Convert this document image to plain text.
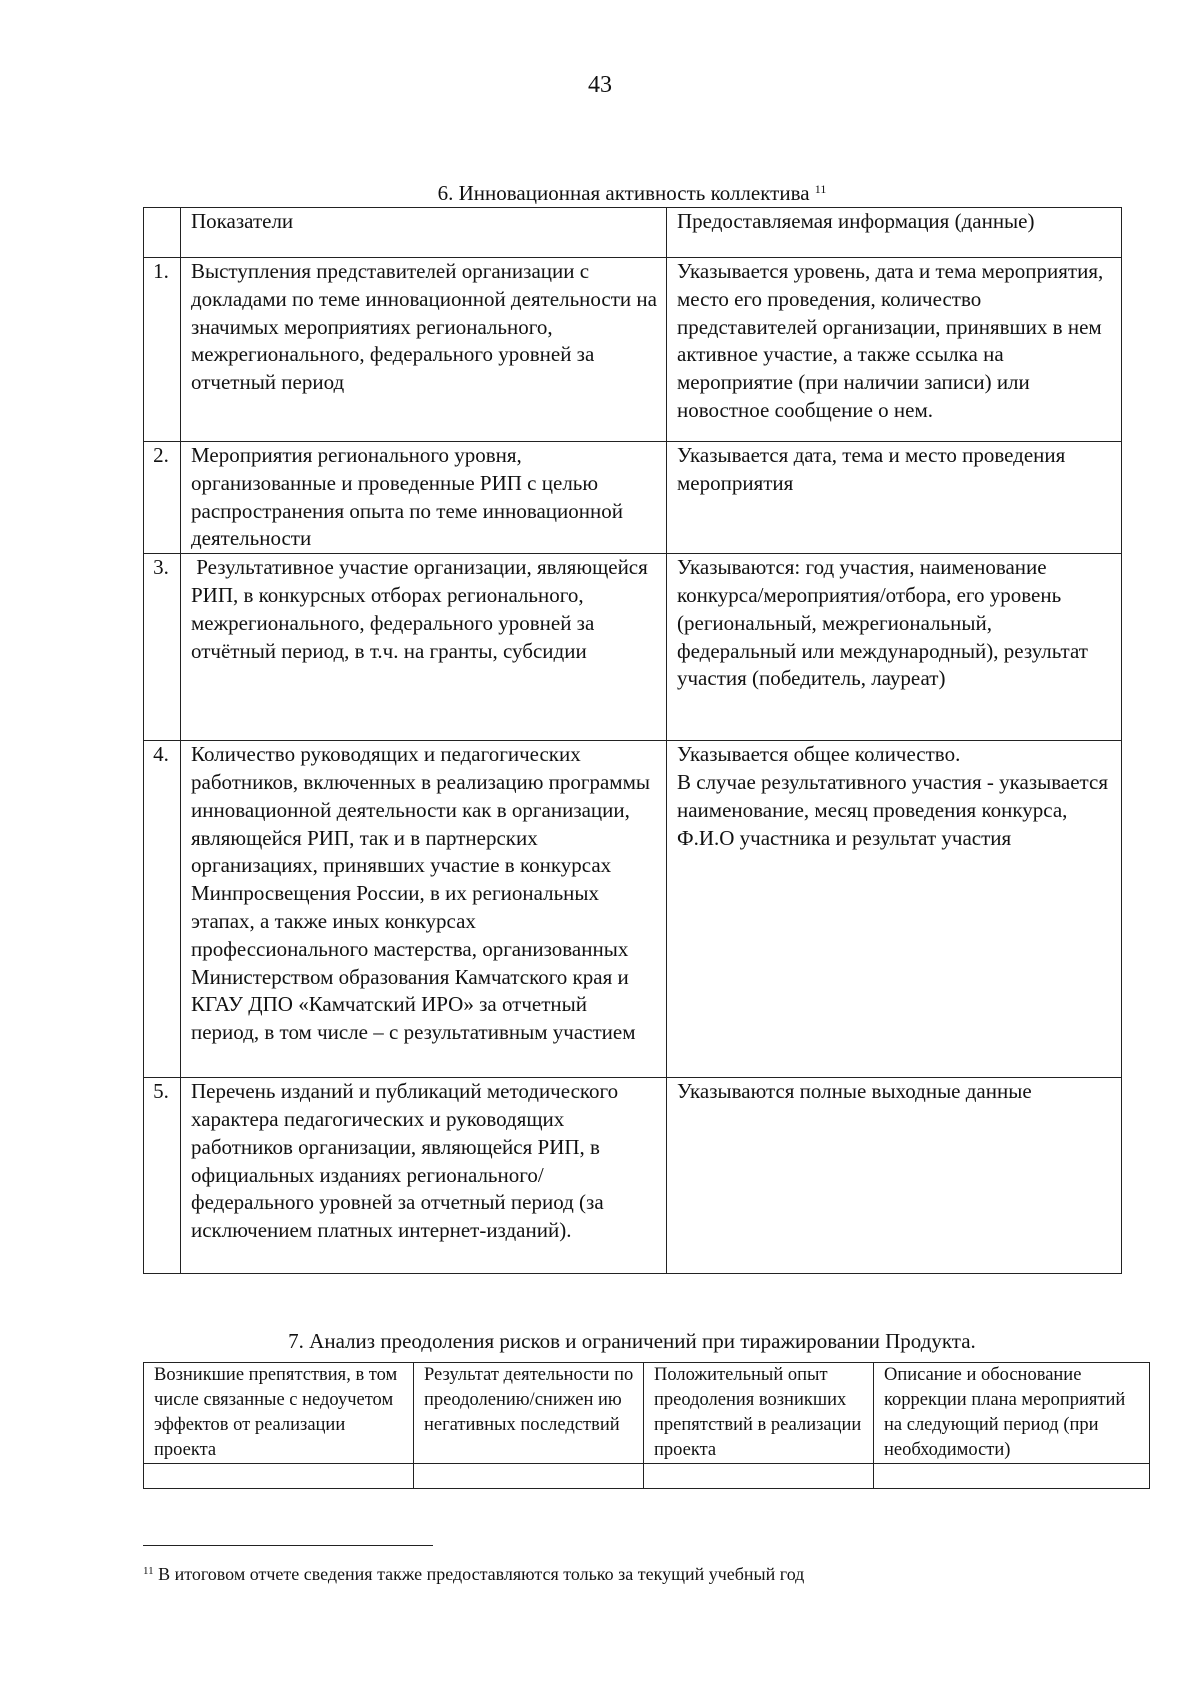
43
6. Инновационная активность коллектива $^{11}$
	Показатели	Предоставляемая информация (данные)
1.	Выступления представителей организации с докладами по теме инновационной деятельности на значимых мероприятиях регионального, межрегионального, федерального уровней за отчетный период	Указывается уровень, дата и тема мероприятия, место его проведения, количество представителей организации, принявших в нем активное участие, а также ссылка на мероприятие (при наличии записи) или новостное сообщение о нем.
2.	Мероприятия регионального уровня, организованные и проведенные РИП с целью распространения опыта по теме инновационной деятельности	Указывается дата, тема и место проведения мероприятия
3.	Результативное участие организации, являющейся РИП, в конкурсных отборах регионального, межрегионального, федерального уровней за отчётный период, в т.ч. на гранты, субсидии	Указываются: год участия, наименование конкурса/мероприятия/отбора, его уровень (региональный, межрегиональный, федеральный или международный), результат участия (победитель, лауреат)
4.	Количество руководящих и педагогических работников, включенных в реализацию программы инновационной деятельности как в организации, являющейся РИП, так и в партнерских организациях, принявших участие в конкурсах Минпросвещения России, в их региональных этапах, а также иных конкурсах профессионального мастерства, организованных Министерством образования Камчатского края и КГАУ ДПО «Камчатский ИРО» за отчетный период, в том числе – с результативным участием	Указывается общее количество.
В случае результативного участия - указывается наименование, месяц проведения конкурса, Ф.И.О участника и результат участия
5.	Перечень изданий и публикаций методического характера педагогических и руководящих работников организации, являющейся РИП, в официальных изданиях регионального/ федерального уровней за отчетный период (за исключением платных интернет-изданий).	Указываются полные выходные данные
7. Анализ преодоления рисков и ограничений при тиражировании Продукта.
Возникшие препятствия, в том числе связанные с недоучетом эффектов от реализации проекта	Результат деятельности по преодолению/снижен ию негативных последствий	Положительный опыт преодоления возникших препятствий в реализации проекта	Описание и обоснование коррекции плана мероприятий на следующий период (при необходимости)

$^{11}$ В итоговом отчете сведения также предоставляются только за текущий учебный год
